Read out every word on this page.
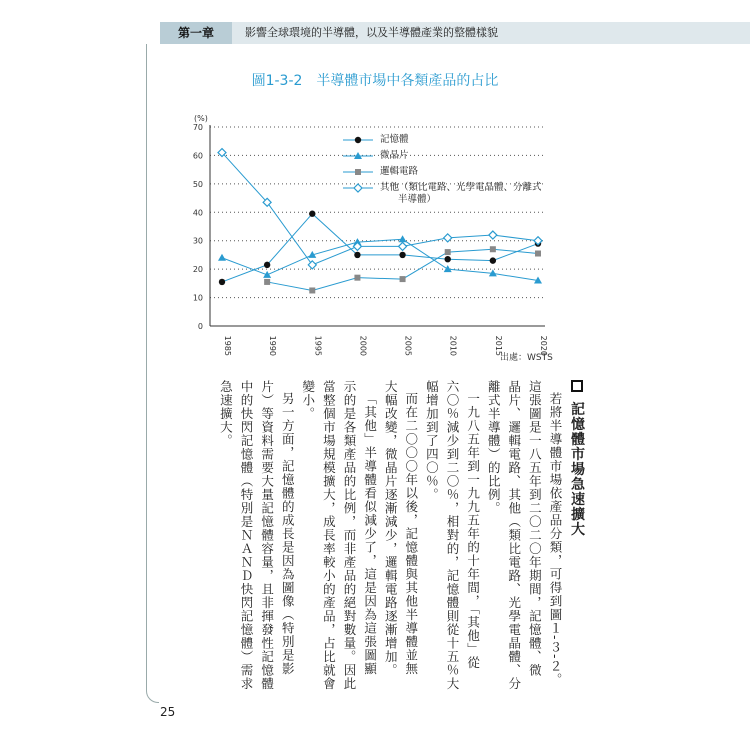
第一章	影響全球環境的半導體，以及半導體產業的整體樣貌
圖1-3-2　半導體市場中各類產品的占比
(%)
0
10
20
30
40
50
60
70
1985	1990	1995	2000	2005	2010	2015	2020
記憶體
微晶片
邏輯電路
其他（類比電路、光學電晶體、分離式
半導體）
出處：WSTS
記憶體市場急速擴大
若將半導體市場依產品分類，可得到圖１-３-２。
這張圖是一八五年到二〇二〇年期間，記憶體、微
晶片、邏輯電路、其他（類比電路、光學電晶體、分
離式半導體）的比例。
一九八五年到一九九五年的十年間，「其他」從
六〇％減少到二〇％，相對的，記憶體則從十五％大
幅增加到了四〇％。
而在二〇〇〇年以後，記憶體與其他半導體並無
大幅改變，微晶片逐漸減少，邏輯電路逐漸增加。
「其他」半導體看似減少了，這是因為這張圖顯
示的是各類產品的比例，而非產品的絕對數量。因此
當整個市場規模擴大，成長率較小的產品，占比就會
變小。
另一方面，記憶體的成長是因為圖像（特別是影
片）等資料需要大量記憶體容量，且非揮發性記憶體
中的快閃記憶體（特別是ＮＡＮＤ快閃記憶體）需求
急速擴大。
25
